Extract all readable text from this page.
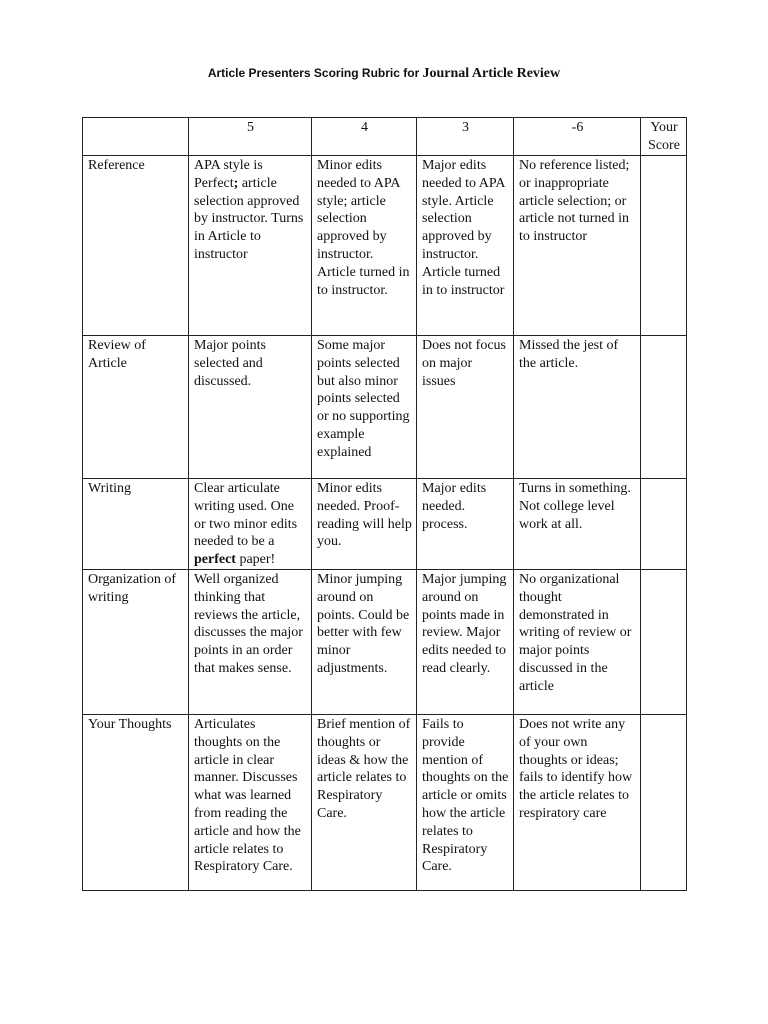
Article Presenters Scoring Rubric for Journal Article Review
	5	4	3	-6	Your Score
Reference	APA style is Perfect; article selection approved by instructor. Turns in Article to instructor	Minor edits needed to APA style; article selection approved by instructor. Article turned in to instructor.	Major edits needed to APA style. Article selection approved by instructor. Article turned in to instructor	No reference listed; or inappropriate article selection; or article not turned in to instructor	
Review of Article	Major points selected and discussed.	Some major points selected but also minor points selected or no supporting example explained	Does not focus on major issues	Missed the jest of the article.	
Writing	Clear articulate writing used. One or two minor edits needed to be a perfect paper!	Minor edits needed. Proof-reading will help you.	Major edits needed. process.	Turns in something. Not college level work at all.	
Organization of writing	Well organized thinking that reviews the article, discusses the major points in an order that makes sense.	Minor jumping around on points. Could be better with few minor adjustments.	Major jumping around on points made in review. Major edits needed to read clearly.	No organizational thought demonstrated in writing of review or major points discussed in the article	
Your Thoughts	Articulates thoughts on the article in clear manner. Discusses what was learned from reading the article and how the article relates to Respiratory Care.	Brief mention of thoughts or ideas & how the article relates to Respiratory Care.	Fails to provide mention of thoughts on the article or omits how the article relates to Respiratory Care.	Does not write any of your own thoughts or ideas; fails to identify how the article relates to respiratory care	
